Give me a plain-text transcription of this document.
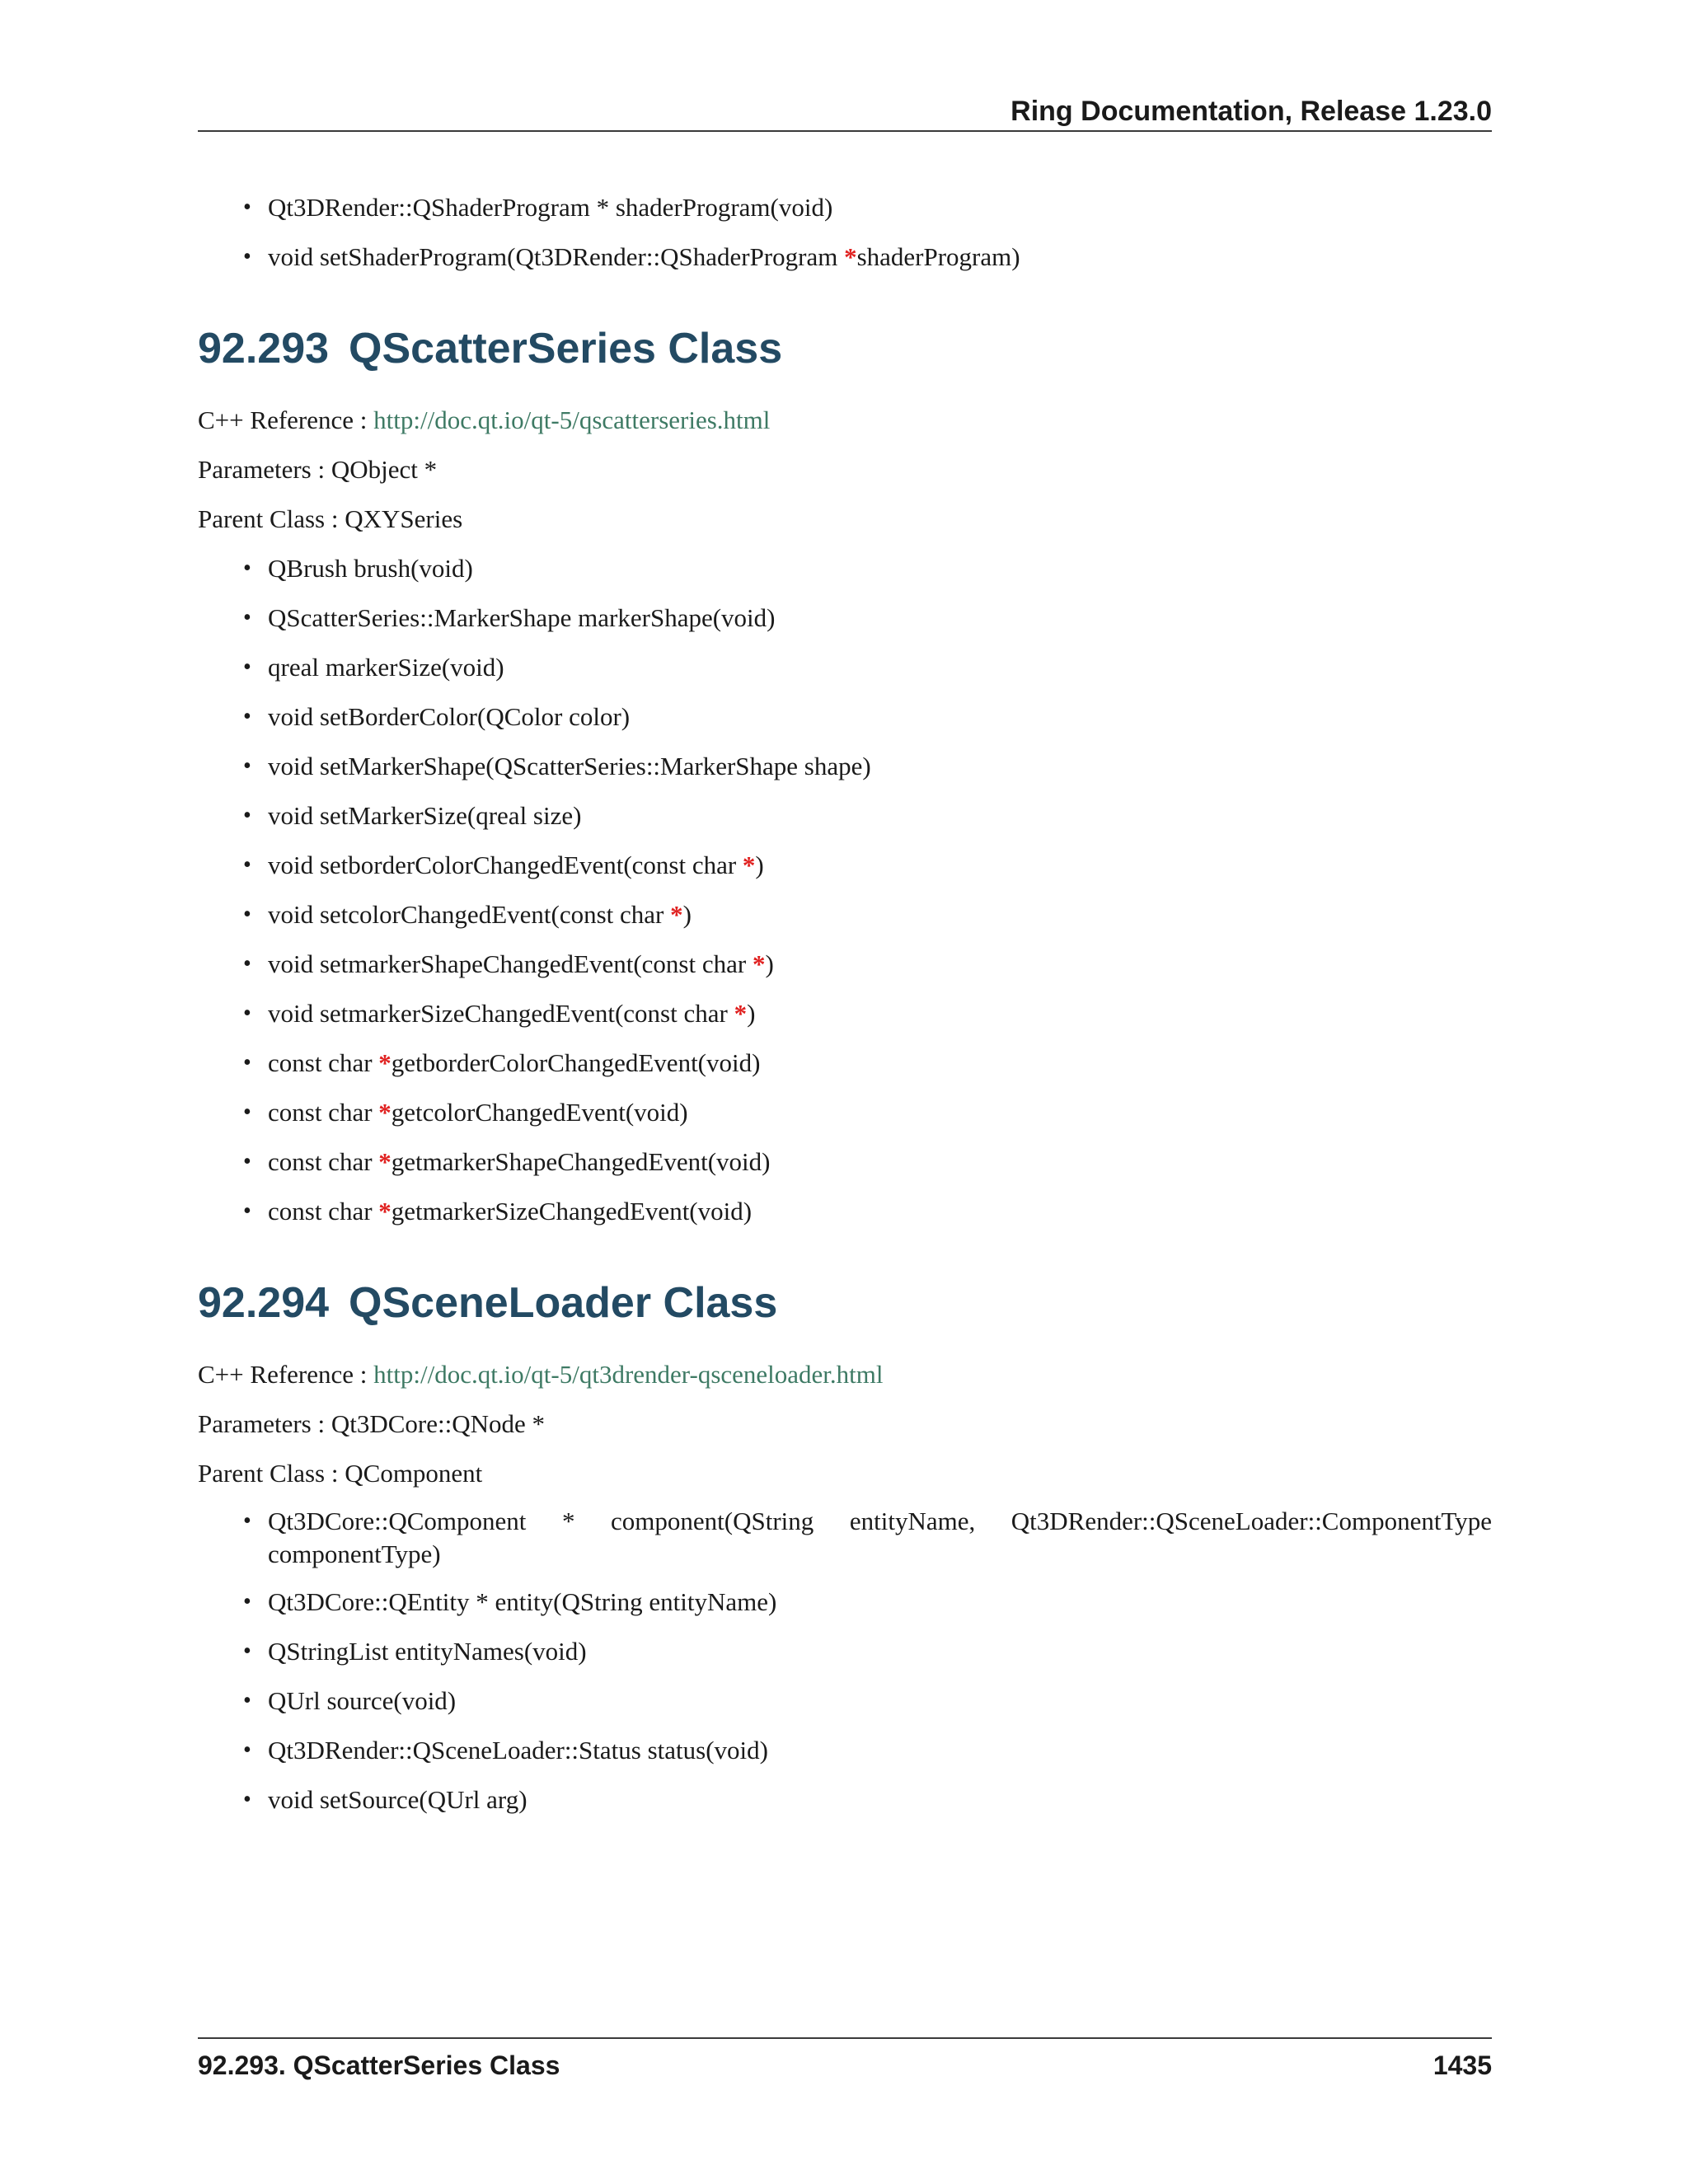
Ring Documentation, Release 1.23.0
• Qt3DRender::QShaderProgram * shaderProgram(void)
• void setShaderProgram(Qt3DRender::QShaderProgram *shaderProgram)
92.293 QScatterSeries Class
C++ Reference : http://doc.qt.io/qt-5/qscatterseries.html
Parameters : QObject *
Parent Class : QXYSeries
• QBrush brush(void)
• QScatterSeries::MarkerShape markerShape(void)
• qreal markerSize(void)
• void setBorderColor(QColor color)
• void setMarkerShape(QScatterSeries::MarkerShape shape)
• void setMarkerSize(qreal size)
• void setborderColorChangedEvent(const char *)
• void setcolorChangedEvent(const char *)
• void setmarkerShapeChangedEvent(const char *)
• void setmarkerSizeChangedEvent(const char *)
• const char *getborderColorChangedEvent(void)
• const char *getcolorChangedEvent(void)
• const char *getmarkerShapeChangedEvent(void)
• const char *getmarkerSizeChangedEvent(void)
92.294 QSceneLoader Class
C++ Reference : http://doc.qt.io/qt-5/qt3drender-qsceneloader.html
Parameters : Qt3DCore::QNode *
Parent Class : QComponent
• Qt3DCore::QComponent * component(QString entityName, Qt3DRender::QSceneLoader::ComponentType componentType)
• Qt3DCore::QEntity * entity(QString entityName)
• QStringList entityNames(void)
• QUrl source(void)
• Qt3DRender::QSceneLoader::Status status(void)
• void setSource(QUrl arg)
92.293. QScatterSeries Class	1435
